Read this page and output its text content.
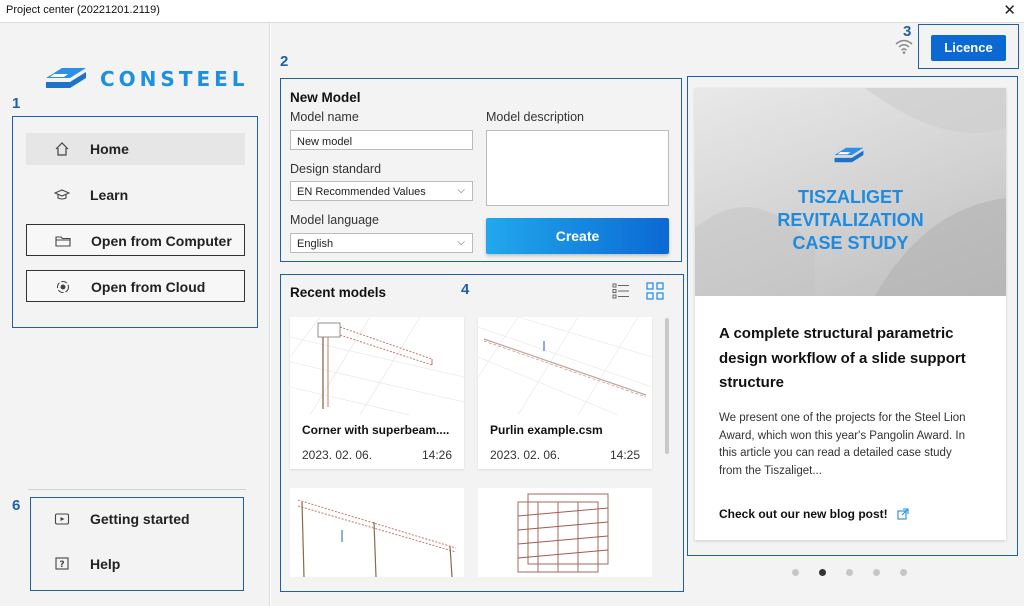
Project center (20221201.2119)	✕
CONSTEEL
1
Home
Learn
Open from Computer
Open from Cloud
6
Getting started
? Help
3
Licence
2
New Model
Model name
New model
Design standard
EN Recommended Values	⌵
Model language
English	⌵
Model description
Create
4
Recent models
Corner with superbeam....
2023. 02. 06.	14:26
Purlin example.csm
2023. 02. 06.	14:25
TISZALIGET
REVITALIZATION
CASE STUDY
A complete structural parametric
design workflow of a slide support
structure
We present one of the projects for the Steel Lion
Award, which won this year's Pangolin Award. In
this article you can read a detailed case study
from the Tiszaliget...
Check out our new blog post!
